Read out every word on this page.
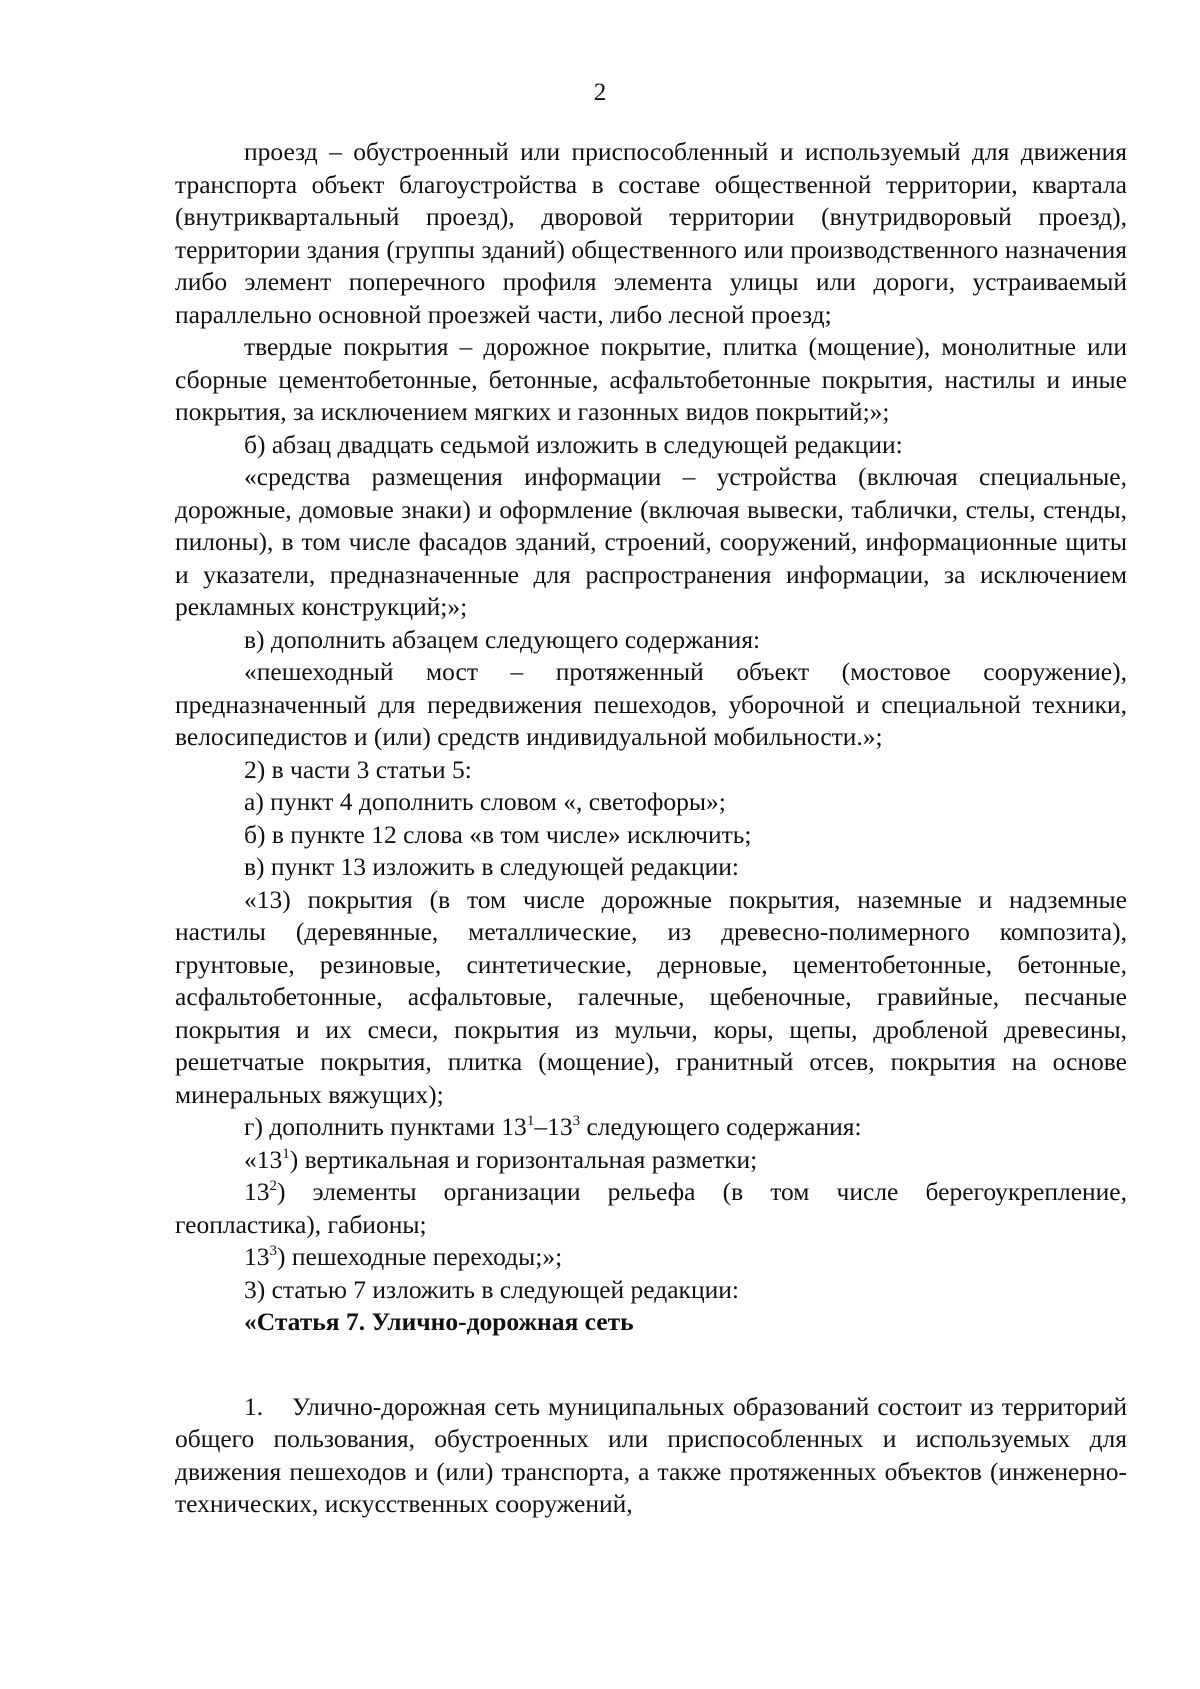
2

проезд – обустроенный или приспособленный и используемый для движения транспорта объект благоустройства в составе общественной территории, квартала (внутриквартальный проезд), дворовой территории (внутридворовый проезд), территории здания (группы зданий) общественного или производственного назначения либо элемент поперечного профиля элемента улицы или дороги, устраиваемый параллельно основной проезжей части, либо лесной проезд;

твердые покрытия – дорожное покрытие, плитка (мощение), монолитные или сборные цементобетонные, бетонные, асфальтобетонные покрытия, настилы и иные покрытия, за исключением мягких и газонных видов покрытий;»;

б) абзац двадцать седьмой изложить в следующей редакции:

«средства размещения информации – устройства (включая специальные, дорожные, домовые знаки) и оформление (включая вывески, таблички, стелы, стенды, пилоны), в том числе фасадов зданий, строений, сооружений, информационные щиты и указатели, предназначенные для распространения информации, за исключением рекламных конструкций;»;

в) дополнить абзацем следующего содержания:

«пешеходный мост – протяженный объект (мостовое сооружение), предназначенный для передвижения пешеходов, уборочной и специальной техники, велосипедистов и (или) средств индивидуальной мобильности.»;

2) в части 3 статьи 5:

а) пункт 4 дополнить словом «, светофоры»;

б) в пункте 12 слова «в том числе» исключить;

в) пункт 13 изложить в следующей редакции:

«13) покрытия (в том числе дорожные покрытия, наземные и надземные настилы (деревянные, металлические, из древесно-полимерного композита), грунтовые, резиновые, синтетические, дерновые, цементобетонные, бетонные, асфальтобетонные, асфальтовые, галечные, щебеночные, гравийные, песчаные покрытия и их смеси, покрытия из мульчи, коры, щепы, дробленой древесины, решетчатые покрытия, плитка (мощение), гранитный отсев, покрытия на основе минеральных вяжущих);

г) дополнить пунктами $13^1-13^3$ следующего содержания:

«$13^1$) вертикальная и горизонтальная разметки;

$13^2$) элементы организации рельефа (в том числе берегоукрепление, геопластика), габионы;

$13^3$) пешеходные переходы;»;

3) статью 7 изложить в следующей редакции:

«Статья 7. Улично-дорожная сеть

1. Улично-дорожная сеть муниципальных образований состоит из территорий общего пользования, обустроенных или приспособленных и используемых для движения пешеходов и (или) транспорта, а также протяженных объектов (инженерно-технических, искусственных сооружений,
